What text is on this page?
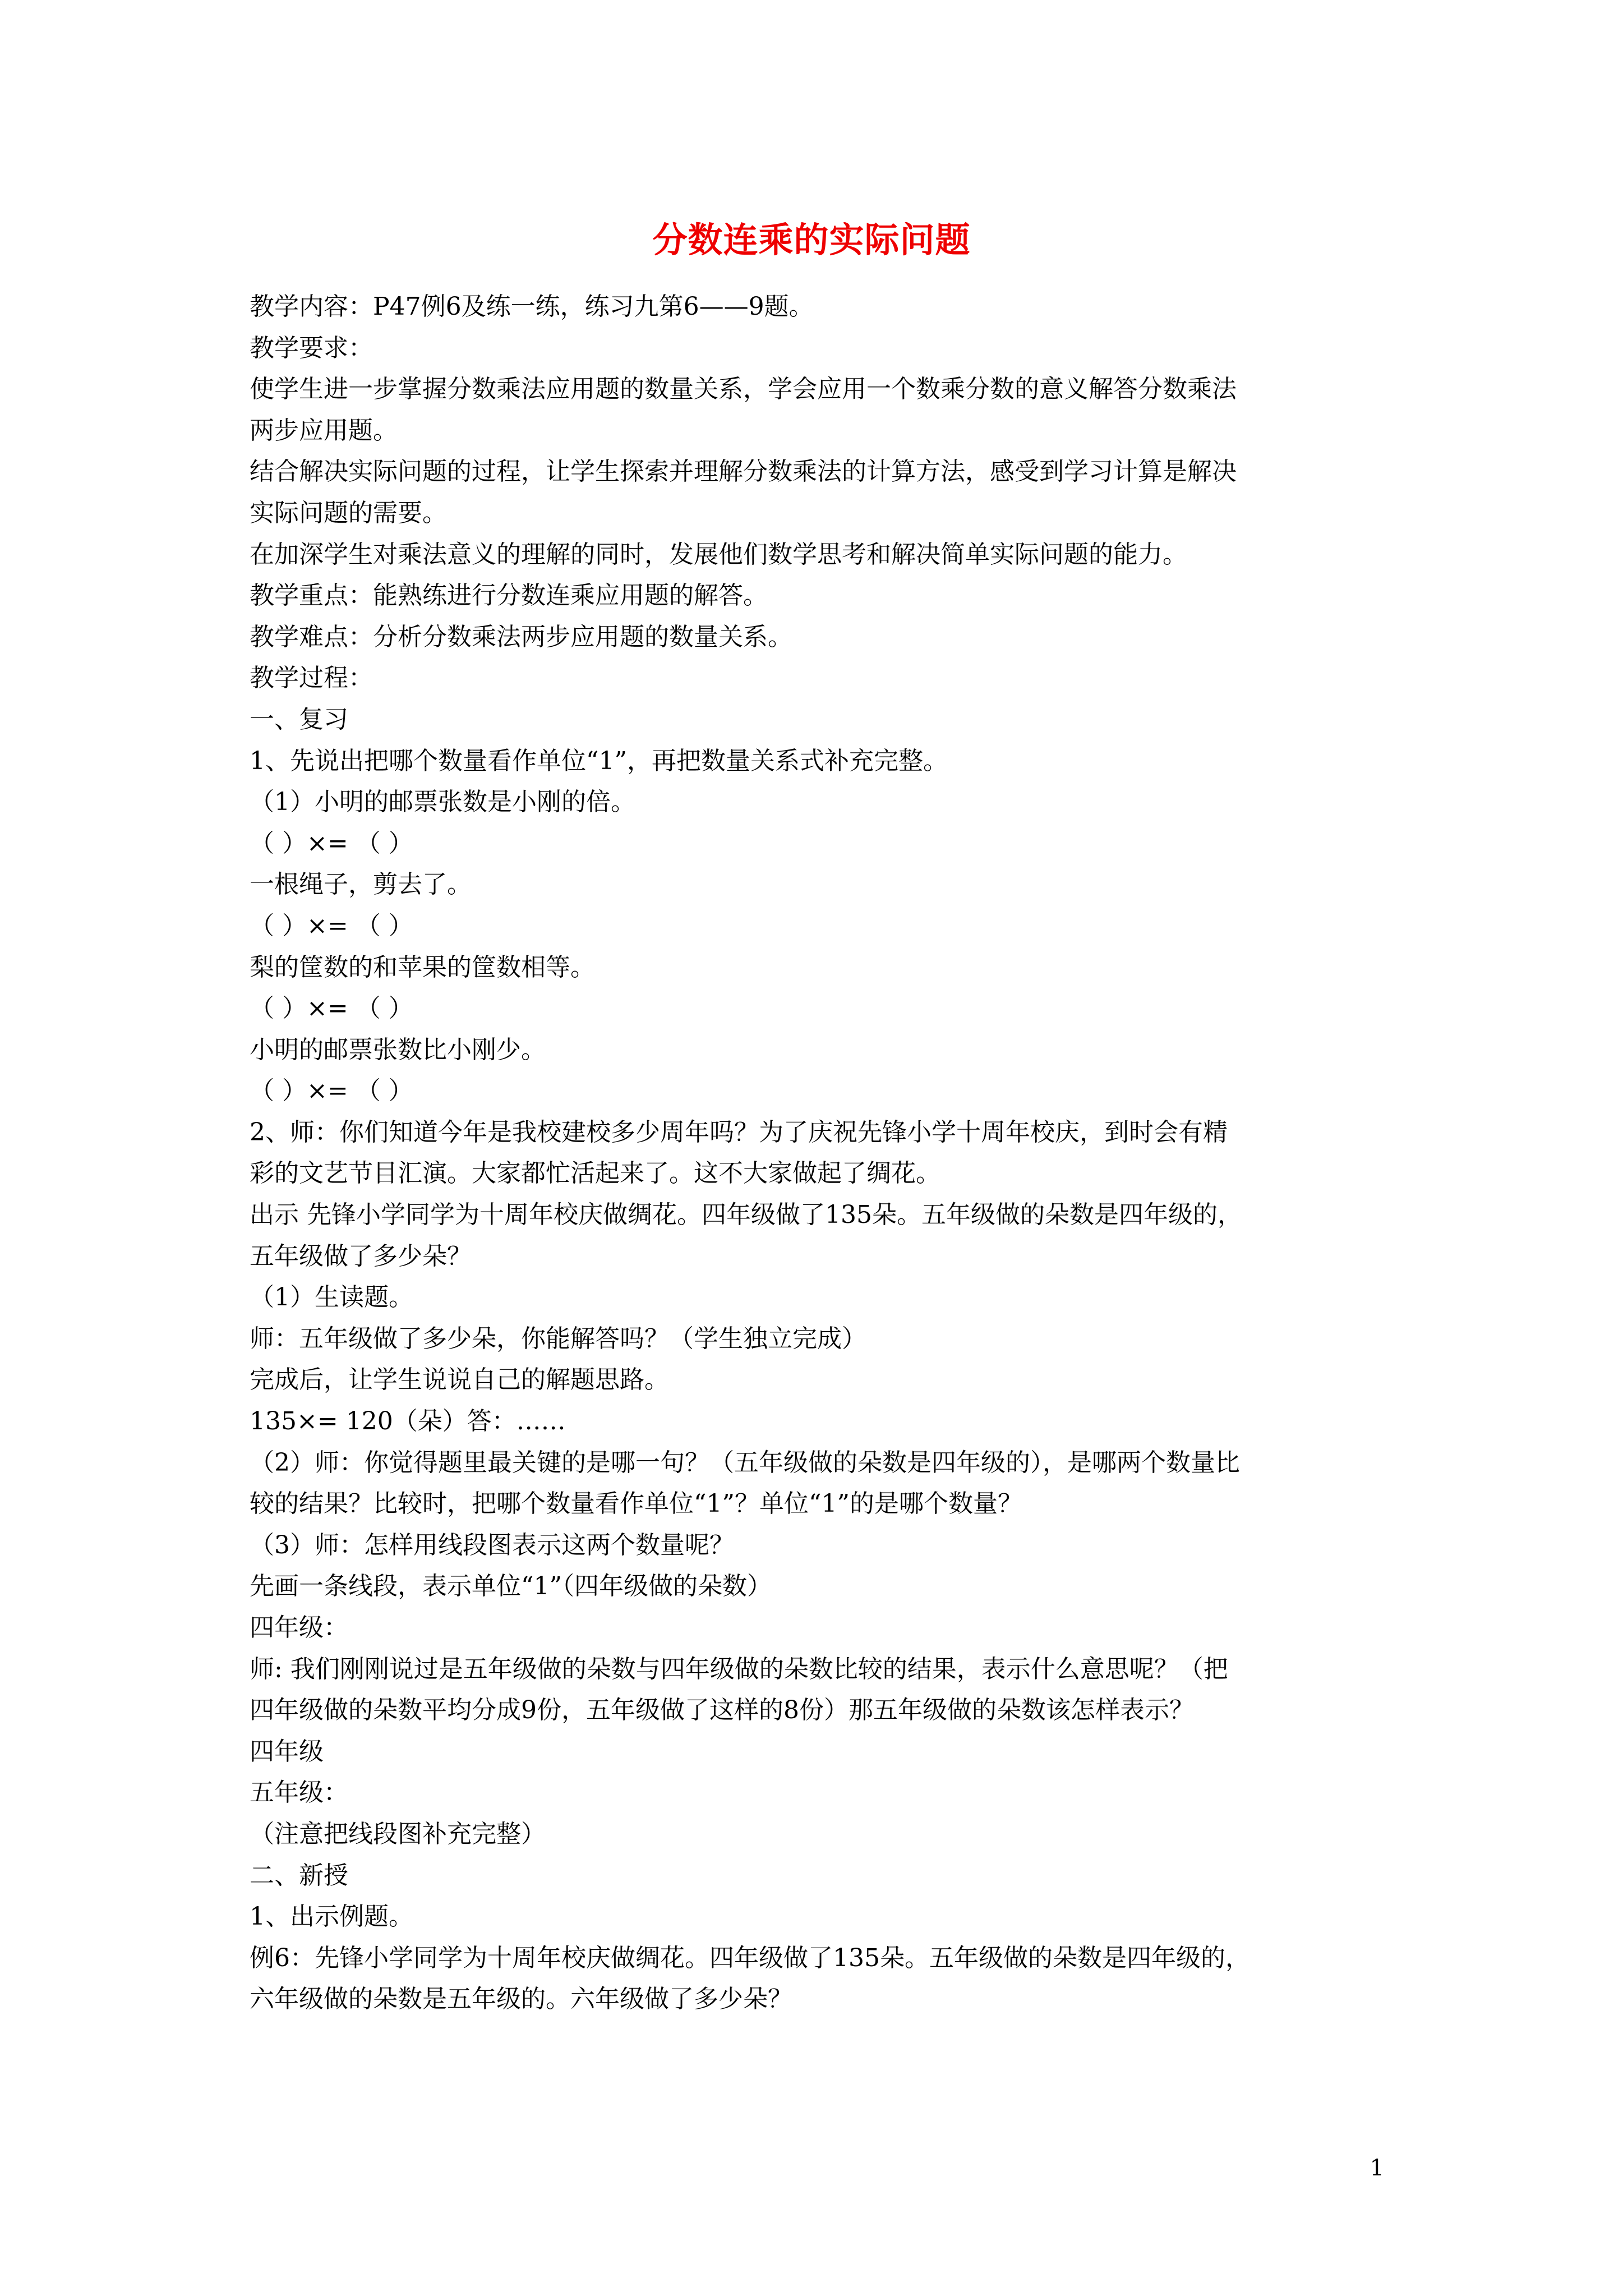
分数连乘的实际问题

教学内容：P47例6及练一练，练习九第6——9题。

教学要求：

使学生进一步掌握分数乘法应用题的数量关系，学会应用一个数乘分数的意义解答分数乘法

两步应用题。

结合解决实际问题的过程，让学生探索并理解分数乘法的计算方法，感受到学习计算是解决

实际问题的需要。

在加深学生对乘法意义的理解的同时，发展他们数学思考和解决简单实际问题的能力。

教学重点：能熟练进行分数连乘应用题的解答。

教学难点：分析分数乘法两步应用题的数量关系。

教学过程：

一、复习

1、先说出把哪个数量看作单位“1”，再把数量关系式补充完整。

（1）小明的邮票张数是小刚的倍。

（ ）×= （ ）

一根绳子，剪去了。

（ ）×= （ ）

梨的筐数的和苹果的筐数相等。

（ ）×= （ ）

小明的邮票张数比小刚少。

（ ）×= （ ）

2、师：你们知道今年是我校建校多少周年吗？为了庆祝先锋小学十周年校庆，到时会有精

彩的文艺节目汇演。大家都忙活起来了。这不大家做起了绸花。

出示 先锋小学同学为十周年校庆做绸花。四年级做了135朵。五年级做的朵数是四年级的，

五年级做了多少朵？

（1）生读题。

师：五年级做了多少朵，你能解答吗？（学生独立完成）

完成后，让学生说说自己的解题思路。

135×= 120（朵）答：……

（2）师：你觉得题里最关键的是哪一句？（五年级做的朵数是四年级的），是哪两个数量比

较的结果？比较时，把哪个数量看作单位“1”？单位“1”的是哪个数量？

（3）师：怎样用线段图表示这两个数量呢？

先画一条线段，表示单位“1”（四年级做的朵数）

四年级：

师: 我们刚刚说过是五年级做的朵数与四年级做的朵数比较的结果，表示什么意思呢？（把

四年级做的朵数平均分成9份，五年级做了这样的8份）那五年级做的朵数该怎样表示？

四年级

五年级：

（注意把线段图补充完整）

二、新授

1、出示例题。

例6：先锋小学同学为十周年校庆做绸花。四年级做了135朵。五年级做的朵数是四年级的，

六年级做的朵数是五年级的。六年级做了多少朵？

1
